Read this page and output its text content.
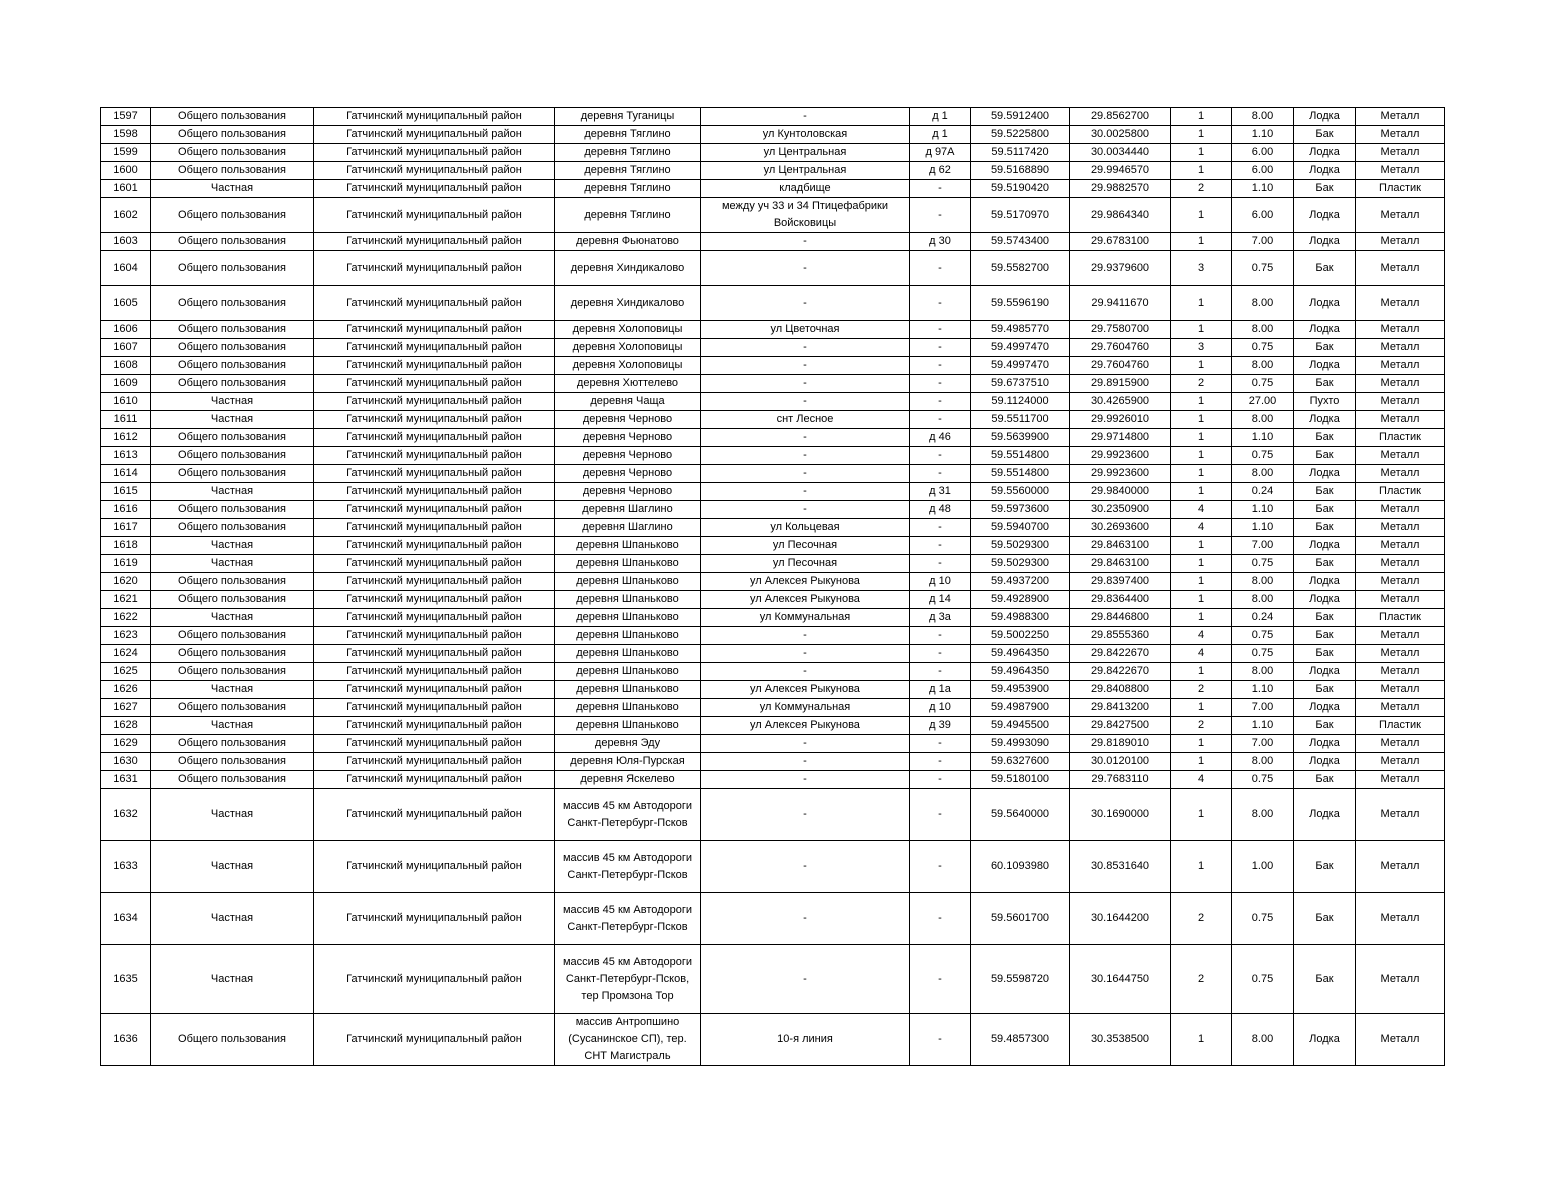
1597	Общего пользования	Гатчинский муниципальный район	деревня Туганицы	-	д 1	59.5912400	29.8562700	1	8.00	Лодка	Металл
1598	Общего пользования	Гатчинский муниципальный район	деревня Тяглино	ул Кунтоловская	д 1	59.5225800	30.0025800	1	1.10	Бак	Металл
1599	Общего пользования	Гатчинский муниципальный район	деревня Тяглино	ул Центральная	д 97А	59.5117420	30.0034440	1	6.00	Лодка	Металл
1600	Общего пользования	Гатчинский муниципальный район	деревня Тяглино	ул Центральная	д 62	59.5168890	29.9946570	1	6.00	Лодка	Металл
1601	Частная	Гатчинский муниципальный район	деревня Тяглино	кладбище	-	59.5190420	29.9882570	2	1.10	Бак	Пластик
1602	Общего пользования	Гатчинский муниципальный район	деревня Тяглино	между уч 33 и 34 Птицефабрики Войсковицы	-	59.5170970	29.9864340	1	6.00	Лодка	Металл
1603	Общего пользования	Гатчинский муниципальный район	деревня Фьюнатово	-	д 30	59.5743400	29.6783100	1	7.00	Лодка	Металл
1604	Общего пользования	Гатчинский муниципальный район	деревня Хиндикалово	-	-	59.5582700	29.9379600	3	0.75	Бак	Металл
1605	Общего пользования	Гатчинский муниципальный район	деревня Хиндикалово	-	-	59.5596190	29.9411670	1	8.00	Лодка	Металл
1606	Общего пользования	Гатчинский муниципальный район	деревня Холоповицы	ул Цветочная	-	59.4985770	29.7580700	1	8.00	Лодка	Металл
1607	Общего пользования	Гатчинский муниципальный район	деревня Холоповицы	-	-	59.4997470	29.7604760	3	0.75	Бак	Металл
1608	Общего пользования	Гатчинский муниципальный район	деревня Холоповицы	-	-	59.4997470	29.7604760	1	8.00	Лодка	Металл
1609	Общего пользования	Гатчинский муниципальный район	деревня Хюттелево	-	-	59.6737510	29.8915900	2	0.75	Бак	Металл
1610	Частная	Гатчинский муниципальный район	деревня Чаща	-	-	59.1124000	30.4265900	1	27.00	Пухто	Металл
1611	Частная	Гатчинский муниципальный район	деревня Черново	снт Лесное	-	59.5511700	29.9926010	1	8.00	Лодка	Металл
1612	Общего пользования	Гатчинский муниципальный район	деревня Черново	-	д 46	59.5639900	29.9714800	1	1.10	Бак	Пластик
1613	Общего пользования	Гатчинский муниципальный район	деревня Черново	-	-	59.5514800	29.9923600	1	0.75	Бак	Металл
1614	Общего пользования	Гатчинский муниципальный район	деревня Черново	-	-	59.5514800	29.9923600	1	8.00	Лодка	Металл
1615	Частная	Гатчинский муниципальный район	деревня Черново	-	д 31	59.5560000	29.9840000	1	0.24	Бак	Пластик
1616	Общего пользования	Гатчинский муниципальный район	деревня Шаглино	-	д 48	59.5973600	30.2350900	4	1.10	Бак	Металл
1617	Общего пользования	Гатчинский муниципальный район	деревня Шаглино	ул Кольцевая	-	59.5940700	30.2693600	4	1.10	Бак	Металл
1618	Частная	Гатчинский муниципальный район	деревня Шпаньково	ул Песочная	-	59.5029300	29.8463100	1	7.00	Лодка	Металл
1619	Частная	Гатчинский муниципальный район	деревня Шпаньково	ул Песочная	-	59.5029300	29.8463100	1	0.75	Бак	Металл
1620	Общего пользования	Гатчинский муниципальный район	деревня Шпаньково	ул Алексея Рыкунова	д 10	59.4937200	29.8397400	1	8.00	Лодка	Металл
1621	Общего пользования	Гатчинский муниципальный район	деревня Шпаньково	ул Алексея Рыкунова	д 14	59.4928900	29.8364400	1	8.00	Лодка	Металл
1622	Частная	Гатчинский муниципальный район	деревня Шпаньково	ул Коммунальная	д 3а	59.4988300	29.8446800	1	0.24	Бак	Пластик
1623	Общего пользования	Гатчинский муниципальный район	деревня Шпаньково	-	-	59.5002250	29.8555360	4	0.75	Бак	Металл
1624	Общего пользования	Гатчинский муниципальный район	деревня Шпаньково	-	-	59.4964350	29.8422670	4	0.75	Бак	Металл
1625	Общего пользования	Гатчинский муниципальный район	деревня Шпаньково	-	-	59.4964350	29.8422670	1	8.00	Лодка	Металл
1626	Частная	Гатчинский муниципальный район	деревня Шпаньково	ул Алексея Рыкунова	д 1а	59.4953900	29.8408800	2	1.10	Бак	Металл
1627	Общего пользования	Гатчинский муниципальный район	деревня Шпаньково	ул Коммунальная	д 10	59.4987900	29.8413200	1	7.00	Лодка	Металл
1628	Частная	Гатчинский муниципальный район	деревня Шпаньково	ул Алексея Рыкунова	д 39	59.4945500	29.8427500	2	1.10	Бак	Пластик
1629	Общего пользования	Гатчинский муниципальный район	деревня Эду	-	-	59.4993090	29.8189010	1	7.00	Лодка	Металл
1630	Общего пользования	Гатчинский муниципальный район	деревня Юля-Пурская	-	-	59.6327600	30.0120100	1	8.00	Лодка	Металл
1631	Общего пользования	Гатчинский муниципальный район	деревня Яскелево	-	-	59.5180100	29.7683110	4	0.75	Бак	Металл
1632	Частная	Гатчинский муниципальный район	массив 45 км Автодороги Санкт-Петербург-Псков	-	-	59.5640000	30.1690000	1	8.00	Лодка	Металл
1633	Частная	Гатчинский муниципальный район	массив 45 км Автодороги Санкт-Петербург-Псков	-	-	60.1093980	30.8531640	1	1.00	Бак	Металл
1634	Частная	Гатчинский муниципальный район	массив 45 км Автодороги Санкт-Петербург-Псков	-	-	59.5601700	30.1644200	2	0.75	Бак	Металл
1635	Частная	Гатчинский муниципальный район	массив 45 км Автодороги Санкт-Петербург-Псков, тер Промзона Тор	-	-	59.5598720	30.1644750	2	0.75	Бак	Металл
1636	Общего пользования	Гатчинский муниципальный район	массив Антропшино (Сусанинское СП), тер. СНТ Магистраль	10-я линия	-	59.4857300	30.3538500	1	8.00	Лодка	Металл
